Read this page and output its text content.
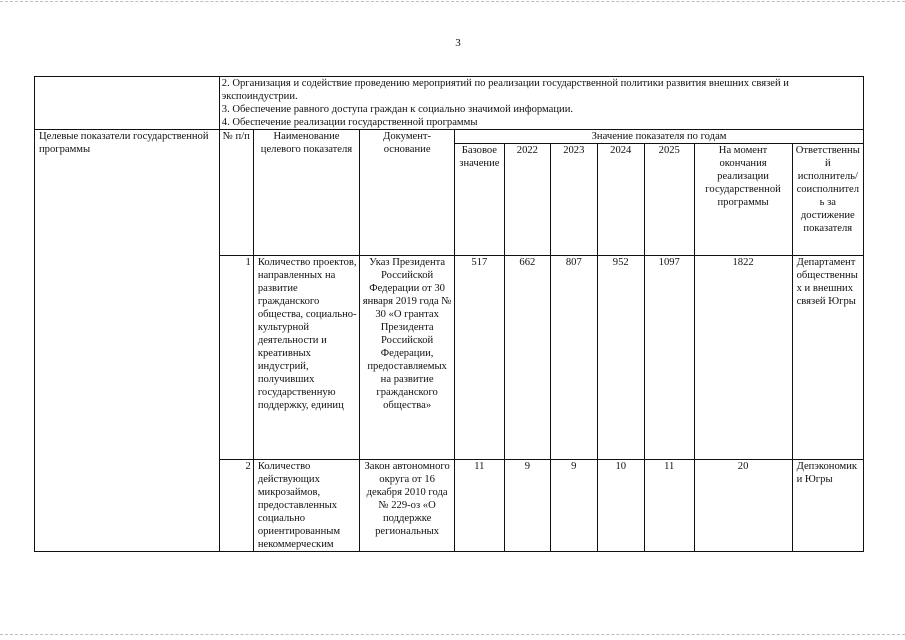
3

	2. Организация и содействие проведению мероприятий по реализации государственной политики развития внешних связей и экспоиндустрии.
3. Обеспечение равного доступа граждан к социально значимой информации.
4. Обеспечение реализации государственной программы									

Целевые показатели государственной программы	№ п/п	Наименование целевого показателя	Документ-основание	Значение показателя по годам						
				Базовое значение	2022	2023	2024	2025	На момент окончания реализации государственной программы	Ответственный исполнитель/соисполнитель за достижение показателя
	1	Количество проектов, направленных на развитие гражданского общества, социально-культурной деятельности и креативных индустрий, получивших государственную поддержку, единиц	Указ Президента Российской Федерации от 30 января 2019 года № 30 «О грантах Президента Российской Федерации, предоставляемых на развитие гражданского общества»	517	662	807	952	1097	1822	Департамент общественных и внешних связей Югры
	2	Количество действующих микрозаймов, предоставленных социально ориентированным некоммерческим	Закон автономного округа от 16 декабря 2010 года № 229-оз «О поддержке региональных	11	9	9	10	11	20	Депэкономики Югры
